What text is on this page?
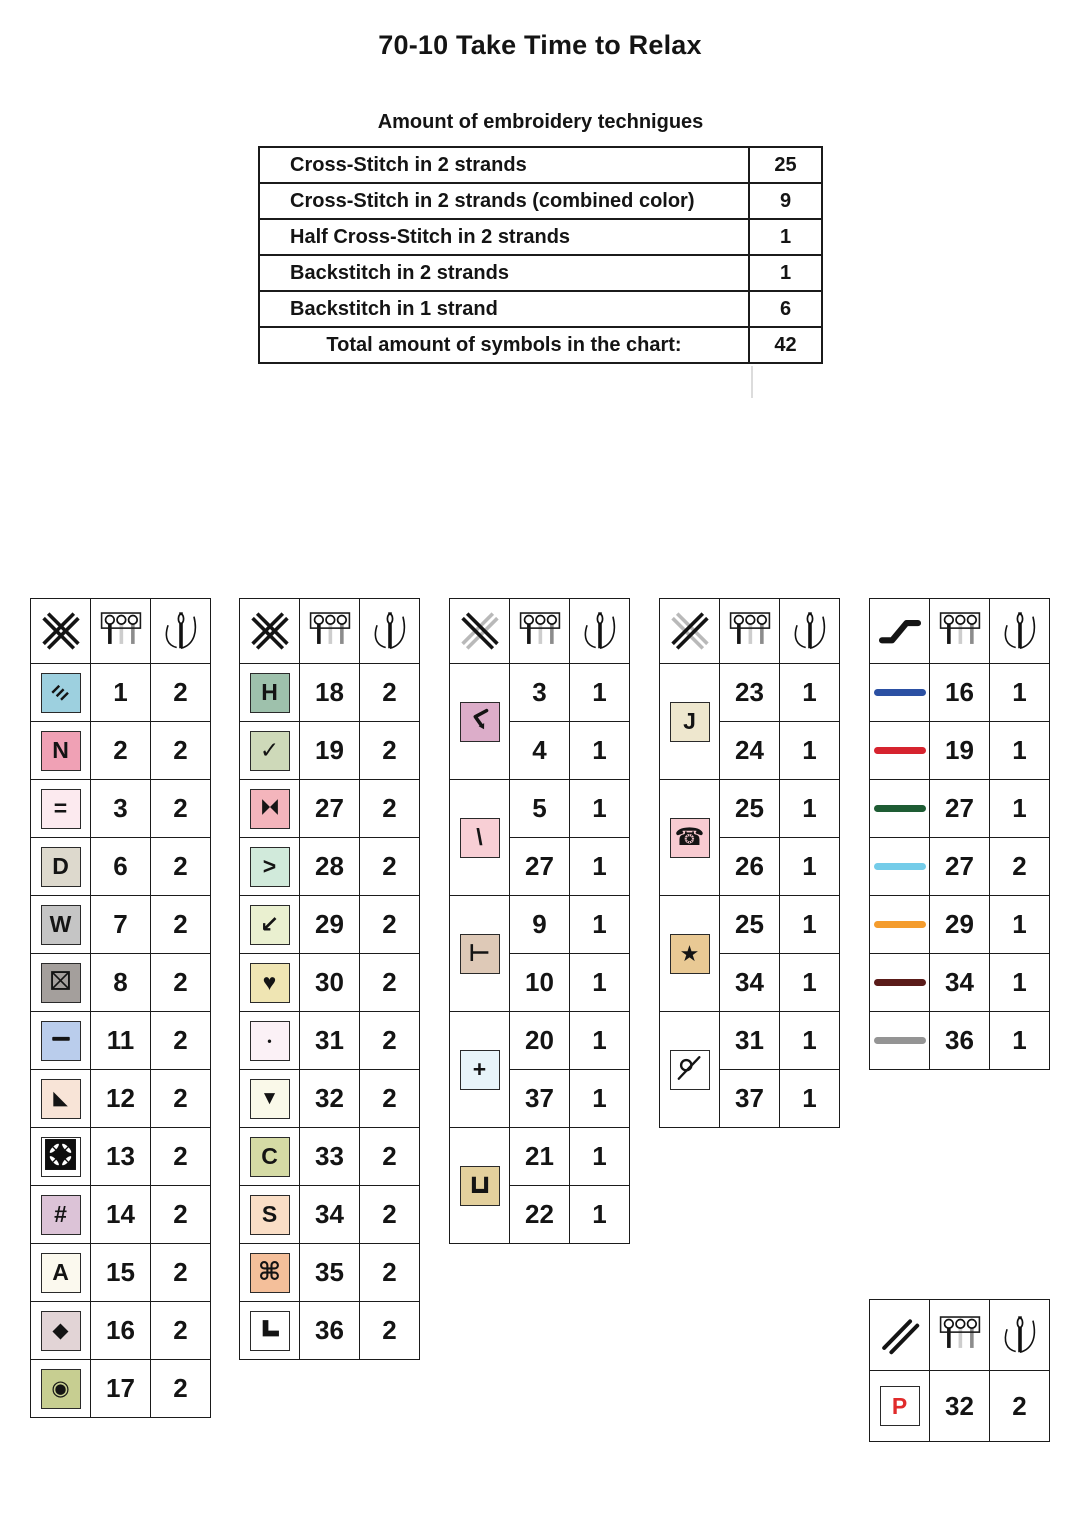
70-10 Take Time to Relax
Amount of embroidery technigues
Cross-Stitch in 2 strands	25
Cross-Stitch in 2 strands (combined color)	9
Half Cross-Stitch in 2 strands	1
Backstitch in 2 strands	1
Backstitch in 1 strand	6
Total amount of symbols in the chart:	42

	1	2

N	2	2

=	3	2

D	6	2

W	7	2

	8	2

	11	2

◣	12	2

	13	2

#	14	2

A	15	2

◆	16	2

◉	17	2

H	18	2

✓	19	2

	27	2

>	28	2

↙	29	2

♥	30	2

•	31	2

▼	32	2

C	33	2

S	34	2

⌘	35	2

	36	2

	3	1
	4	1

\	5	1
	27	1

⊢	9	1
	10	1

+	20	1
	37	1

	21	1
	22	1

J	23	1
	24	1

☎	25	1
	26	1

★	25	1
	34	1

	31	1
	37	1

	16	1

	19	1

	27	1

	27	2

	29	1

	34	1

	36	1

P	32	2
